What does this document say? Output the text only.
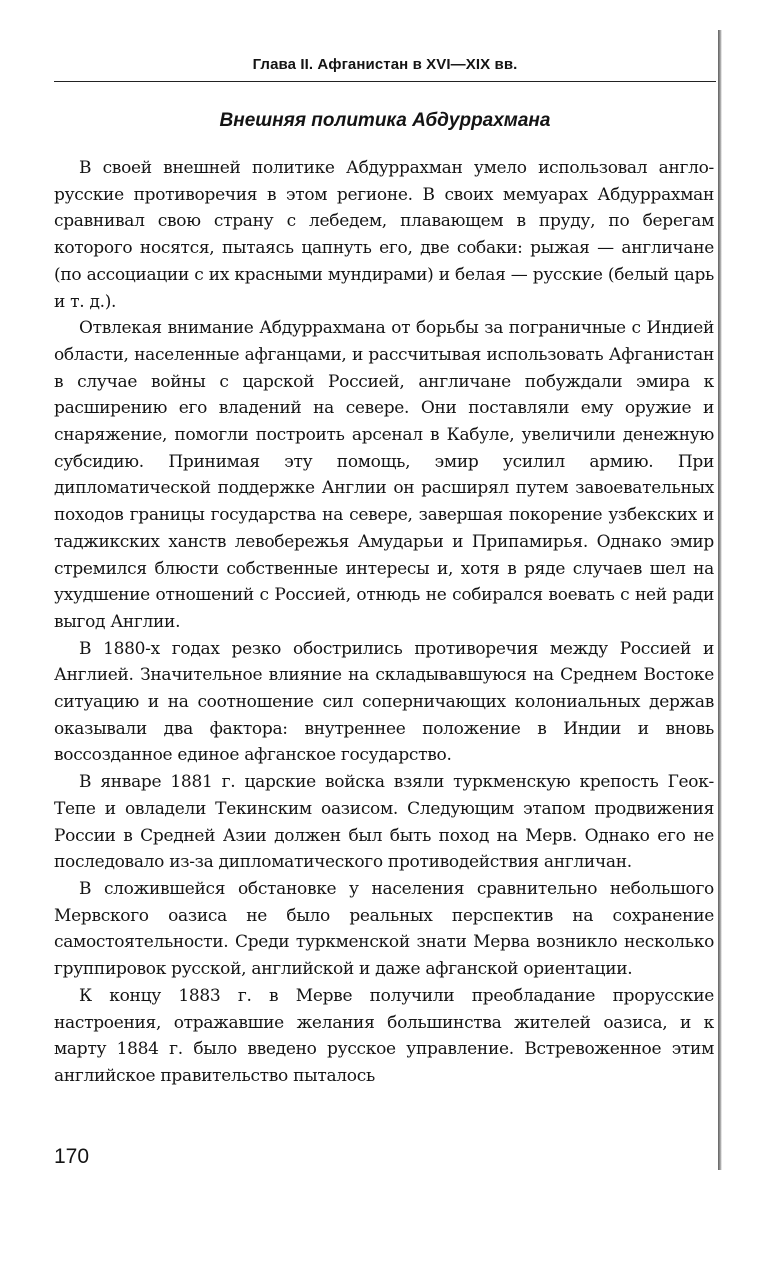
Глава II. Афганистан в XVI—XIX вв.
Внешняя политика Абдуррахмана

В своей внешней политике Абдуррахман умело использовал англо-русские противоречия в этом регионе. В своих мемуарах Абдуррахман сравнивал свою страну с лебедем, плавающем в пруду, по берегам которого носятся, пытаясь цапнуть его, две собаки: рыжая — англичане (по ассоциации с их красными мундирами) и белая — русские (белый царь и т. д.).

Отвлекая внимание Абдуррахмана от борьбы за пограничные с Индией области, населенные афганцами, и рассчитывая использовать Афганистан в случае войны с царской Россией, англичане побуждали эмира к расширению его владений на севере. Они поставляли ему оружие и снаряжение, помогли построить арсенал в Кабуле, увеличили денежную субсидию. Принимая эту помощь, эмир усилил армию. При дипломатической поддержке Англии он расширял путем завоевательных походов границы государства на севере, завершая покорение узбекских и таджикских ханств левобережья Амударьи и Припамирья. Однако эмир стремился блюсти собственные интересы и, хотя в ряде случаев шел на ухудшение отношений с Россией, отнюдь не собирался воевать с ней ради выгод Англии.

В 1880-х годах резко обострились противоречия между Россией и Англией. Значительное влияние на складывавшуюся на Среднем Востоке ситуацию и на соотношение сил соперничающих колониальных держав оказывали два фактора: внутреннее положение в Индии и вновь воссозданное единое афганское государство.

В январе 1881 г. царские войска взяли туркменскую крепость Геок-Тепе и овладели Текинским оазисом. Следующим этапом продвижения России в Средней Азии должен был быть поход на Мерв. Однако его не последовало из-за дипломатического противодействия англичан.

В сложившейся обстановке у населения сравнительно небольшого Мервского оазиса не было реальных перспектив на сохранение самостоятельности. Среди туркменской знати Мерва возникло несколько группировок русской, английской и даже афганской ориентации.

К концу 1883 г. в Мерве получили преобладание прорусские настроения, отражавшие желания большинства жителей оазиса, и к марту 1884 г. было введено русское управление. Встревоженное этим английское правительство пыталось

170
